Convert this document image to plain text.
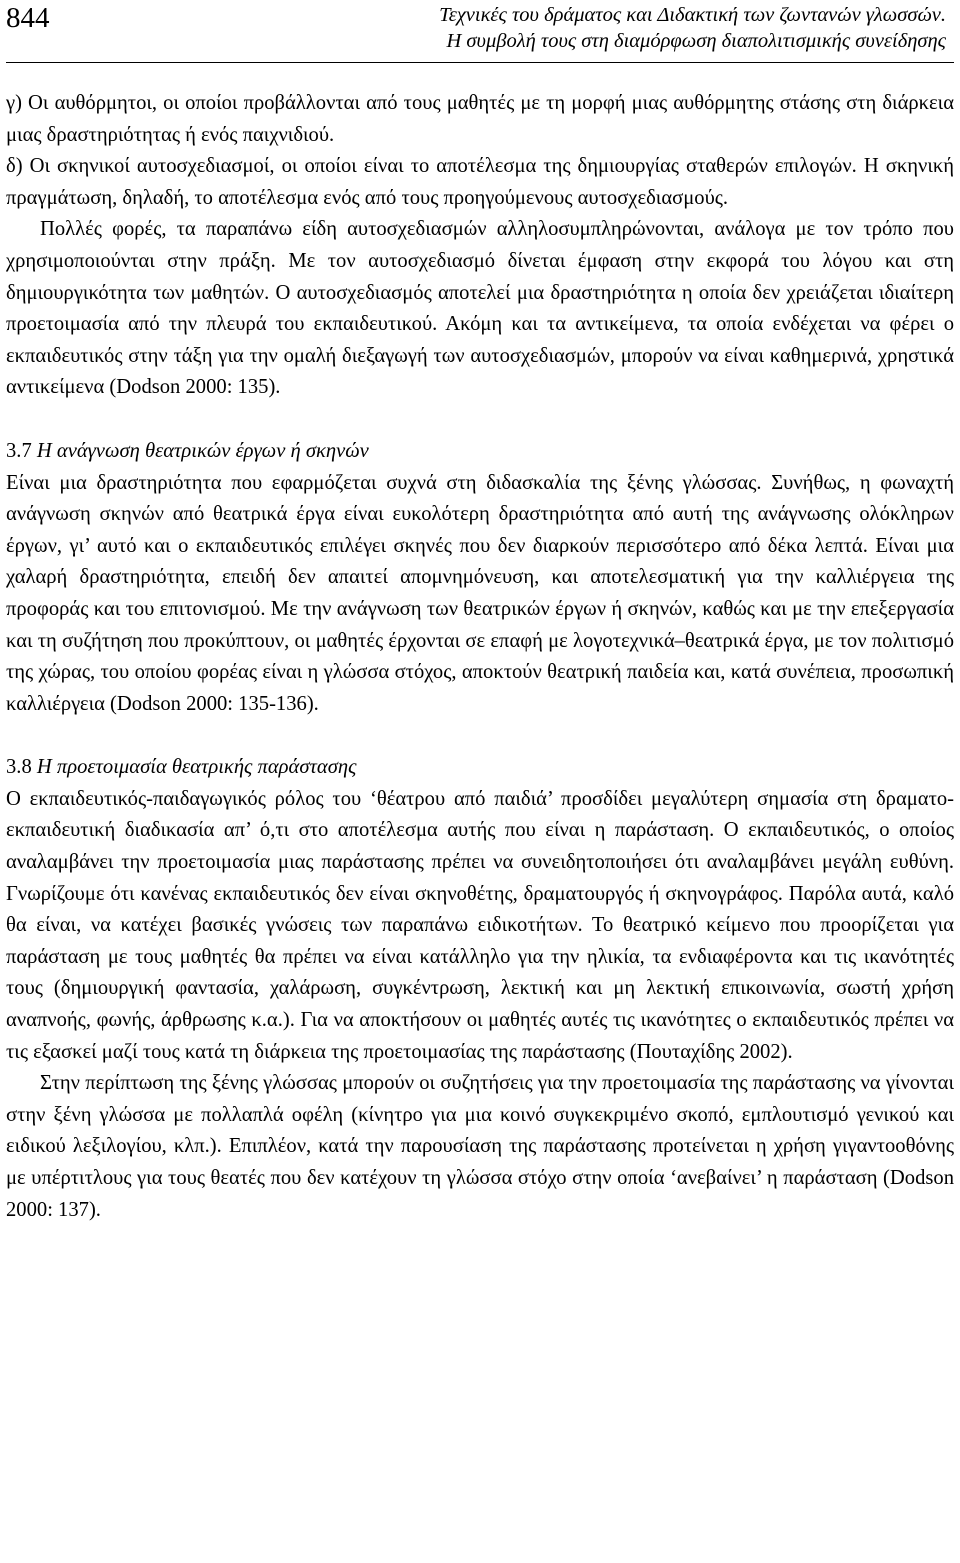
844	Τεχνικές του δράματος και Διδακτική των ζωντανών γλωσσών.
Η συμβολή τους στη διαμόρφωση διαπολιτισμικής συνείδησης

γ) Οι αυθόρμητοι, οι οποίοι προβάλλονται από τους μαθητές με τη μορφή μιας αυθόρμητης στάσης στη διάρκεια μιας δραστηριότητας ή ενός παιχνιδιού.

δ) Οι σκηνικοί αυτοσχεδιασμοί, οι οποίοι είναι το αποτέλεσμα της δημιουργίας σταθερών επιλογών. Η σκηνική πραγμάτωση, δηλαδή, το αποτέλεσμα ενός από τους προηγούμενους αυτοσχεδιασμούς.

Πολλές φορές, τα παραπάνω είδη αυτοσχεδιασμών αλληλοσυμπληρώνονται, ανάλογα με τον τρόπο που χρησιμοποιούνται στην πράξη. Με τον αυτοσχεδιασμό δίνεται έμφαση στην εκφορά του λόγου και στη δημιουργικότητα των μαθητών. Ο αυτοσχεδιασμός αποτελεί μια δραστηριότητα η οποία δεν χρειάζεται ιδιαίτερη προετοιμασία από την πλευρά του εκπαιδευτικού. Ακόμη και τα αντικείμενα, τα οποία ενδέχεται να φέρει ο εκπαιδευτικός στην τάξη για την ομαλή διεξαγωγή των αυτοσχεδιασμών, μπορούν να είναι καθημερινά, χρηστικά αντικείμενα (Dodson 2000: 135).

3.7 Η ανάγνωση θεατρικών έργων ή σκηνών

Είναι μια δραστηριότητα που εφαρμόζεται συχνά στη διδασκαλία της ξένης γλώσσας. Συνήθως, η φωναχτή ανάγνωση σκηνών από θεατρικά έργα είναι ευκολότερη δραστηριότητα από αυτή της ανάγνωσης ολόκληρων έργων, γι’ αυτό και ο εκπαιδευτικός επιλέγει σκηνές που δεν διαρκούν περισσότερο από δέκα λεπτά. Είναι μια χαλαρή δραστηριότητα, επειδή δεν απαιτεί απομνημόνευση, και αποτελεσματική για την καλλιέργεια της προφοράς και του επιτονισμού. Με την ανάγνωση των θεατρικών έργων ή σκηνών, καθώς και με την επεξεργασία και τη συζήτηση που προκύπτουν, οι μαθητές έρχονται σε επαφή με λογοτεχνικά–θεατρικά έργα, με τον πολιτισμό της χώρας, του οποίου φορέας είναι η γλώσσα στόχος, αποκτούν θεατρική παιδεία και, κατά συνέπεια, προσωπική καλλιέργεια (Dodson 2000: 135-136).

3.8 Η προετοιμασία θεατρικής παράστασης

Ο εκπαιδευτικός-παιδαγωγικός ρόλος του ‘θέατρου από παιδιά’ προσδίδει μεγαλύτερη σημασία στη δραματο-εκπαιδευτική διαδικασία απ’ ό,τι στο αποτέλεσμα αυτής που είναι η παράσταση. Ο εκπαιδευτικός, ο οποίος αναλαμβάνει την προετοιμασία μιας παράστασης πρέπει να συνειδητοποιήσει ότι αναλαμβάνει μεγάλη ευθύνη. Γνωρίζουμε ότι κανένας εκπαιδευτικός δεν είναι σκηνοθέτης, δραματουργός ή σκηνογράφος. Παρόλα αυτά, καλό θα είναι, να κατέχει βασικές γνώσεις των παραπάνω ειδικοτήτων. Το θεατρικό κείμενο που προορίζεται για παράσταση με τους μαθητές θα πρέπει να είναι κατάλληλο για την ηλικία, τα ενδιαφέροντα και τις ικανότητές τους (δημιουργική φαντασία, χαλάρωση, συγκέντρωση, λεκτική και μη λεκτική επικοινωνία, σωστή χρήση αναπνοής, φωνής, άρθρωσης κ.α.). Για να αποκτήσουν οι μαθητές αυτές τις ικανότητες ο εκπαιδευτικός πρέπει να τις εξασκεί μαζί τους κατά τη διάρκεια της προετοιμασίας της παράστασης (Πουταχίδης 2002).

Στην περίπτωση της ξένης γλώσσας μπορούν οι συζητήσεις για την προετοιμασία της παράστασης να γίνονται στην ξένη γλώσσα με πολλαπλά οφέλη (κίνητρο για μια κοινό συγκεκριμένο σκοπό, εμπλουτισμό γενικού και ειδικού λεξιλογίου, κλπ.). Επιπλέον, κατά την παρουσίαση της παράστασης προτείνεται η χρήση γιγαντοοθόνης με υπέρτιτλους για τους θεατές που δεν κατέχουν τη γλώσσα στόχο στην οποία ‘ανεβαίνει’ η παράσταση (Dodson 2000: 137).
